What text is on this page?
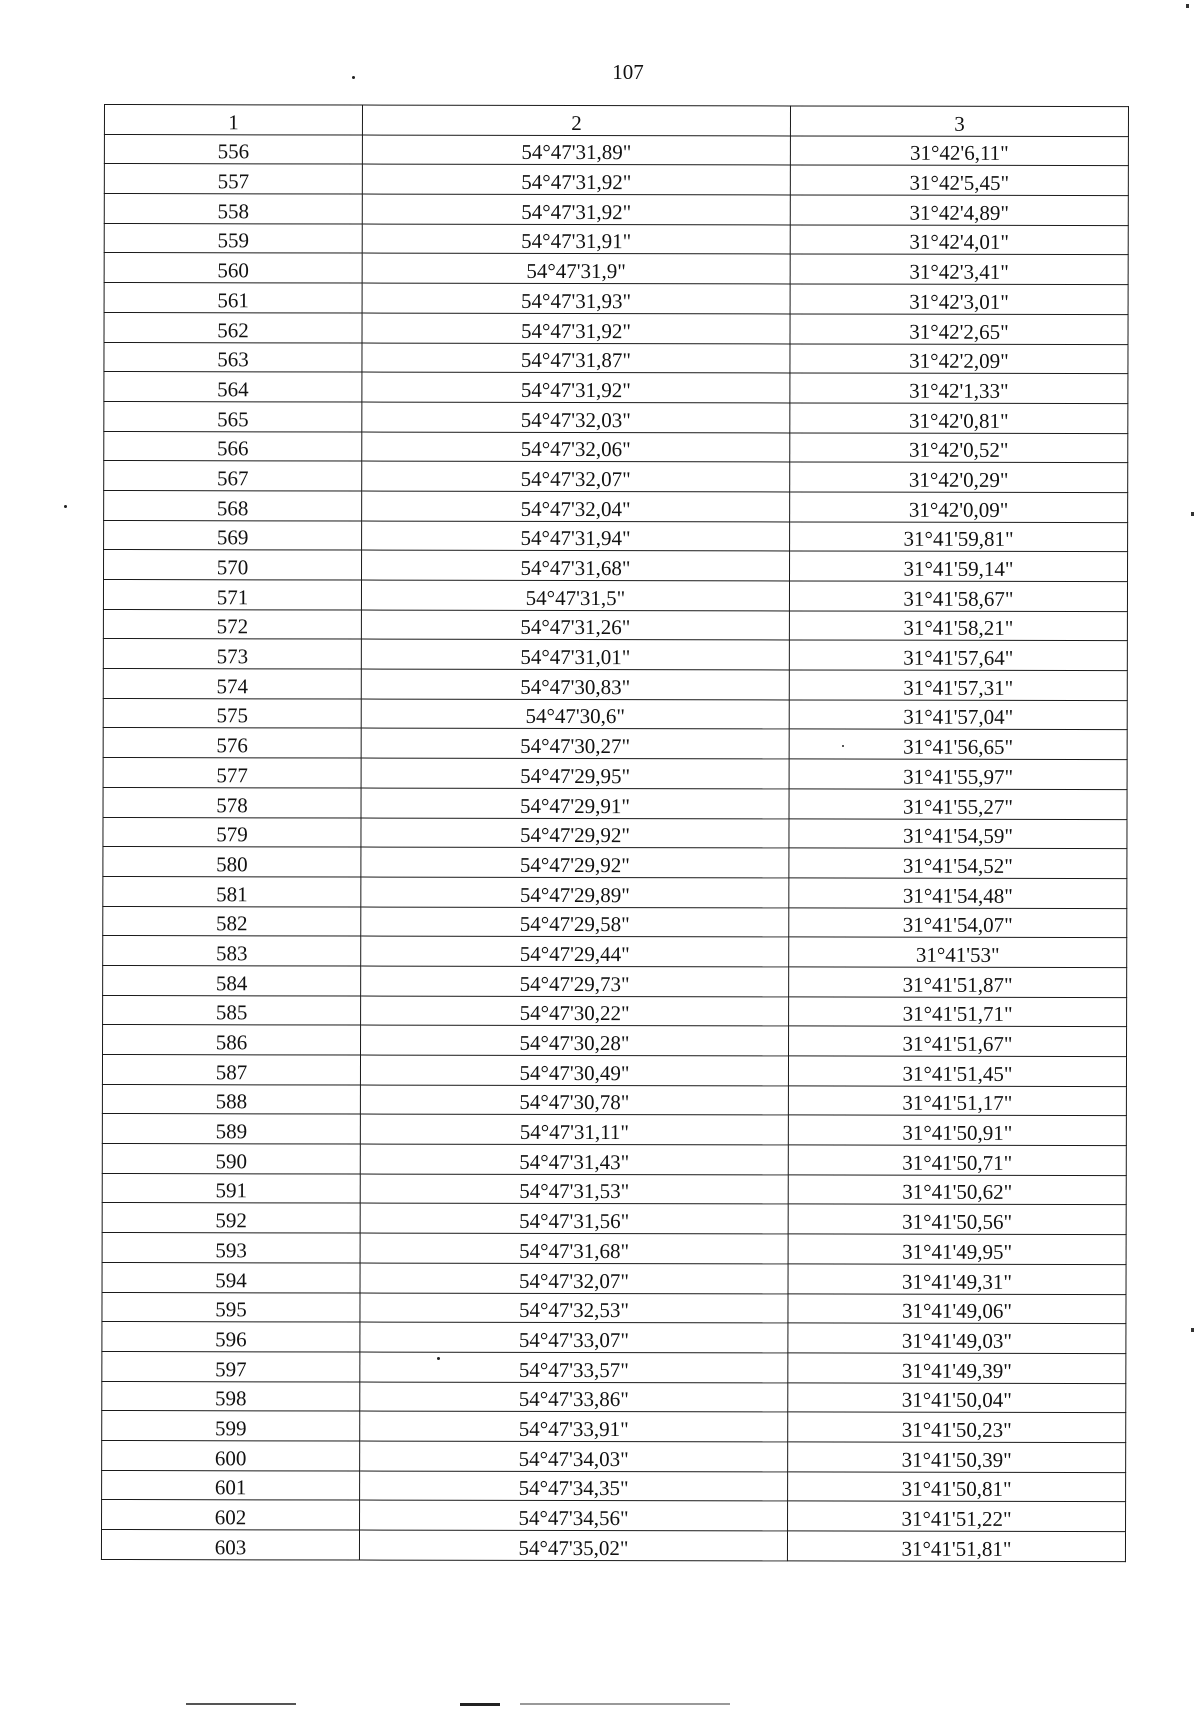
107
1	2	3
556	54°47'31,89"	31°42'6,11"
557	54°47'31,92"	31°42'5,45"
558	54°47'31,92"	31°42'4,89"
559	54°47'31,91"	31°42'4,01"
560	54°47'31,9"	31°42'3,41"
561	54°47'31,93"	31°42'3,01"
562	54°47'31,92"	31°42'2,65"
563	54°47'31,87"	31°42'2,09"
564	54°47'31,92"	31°42'1,33"
565	54°47'32,03"	31°42'0,81"
566	54°47'32,06"	31°42'0,52"
567	54°47'32,07"	31°42'0,29"
568	54°47'32,04"	31°42'0,09"
569	54°47'31,94"	31°41'59,81"
570	54°47'31,68"	31°41'59,14"
571	54°47'31,5"	31°41'58,67"
572	54°47'31,26"	31°41'58,21"
573	54°47'31,01"	31°41'57,64"
574	54°47'30,83"	31°41'57,31"
575	54°47'30,6"	31°41'57,04"
576	54°47'30,27"	31°41'56,65"
577	54°47'29,95"	31°41'55,97"
578	54°47'29,91"	31°41'55,27"
579	54°47'29,92"	31°41'54,59"
580	54°47'29,92"	31°41'54,52"
581	54°47'29,89"	31°41'54,48"
582	54°47'29,58"	31°41'54,07"
583	54°47'29,44"	31°41'53"
584	54°47'29,73"	31°41'51,87"
585	54°47'30,22"	31°41'51,71"
586	54°47'30,28"	31°41'51,67"
587	54°47'30,49"	31°41'51,45"
588	54°47'30,78"	31°41'51,17"
589	54°47'31,11"	31°41'50,91"
590	54°47'31,43"	31°41'50,71"
591	54°47'31,53"	31°41'50,62"
592	54°47'31,56"	31°41'50,56"
593	54°47'31,68"	31°41'49,95"
594	54°47'32,07"	31°41'49,31"
595	54°47'32,53"	31°41'49,06"
596	54°47'33,07"	31°41'49,03"
597	54°47'33,57"	31°41'49,39"
598	54°47'33,86"	31°41'50,04"
599	54°47'33,91"	31°41'50,23"
600	54°47'34,03"	31°41'50,39"
601	54°47'34,35"	31°41'50,81"
602	54°47'34,56"	31°41'51,22"
603	54°47'35,02"	31°41'51,81"
